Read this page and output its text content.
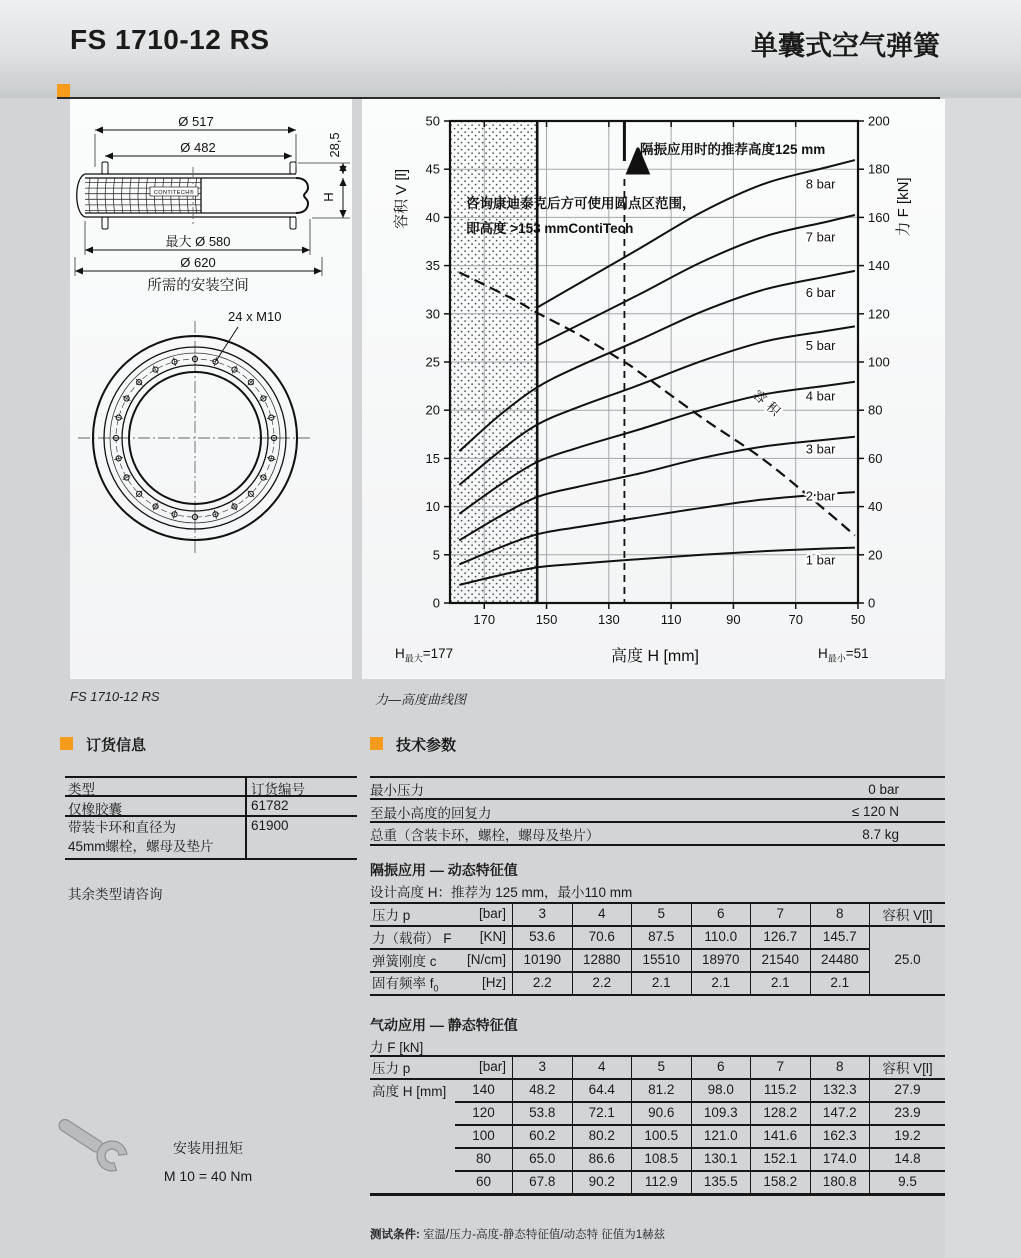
FS 1710-12 RS	单囊式空气弹簧
CONTITECH®
Ø 517
Ø 482	28,5
H
最大 Ø 580
Ø 620
所需的安装空间
24 x M10
容积
1 bar
2 bar
3 bar
4 bar
5 bar
6 bar
7 bar
8 bar
170	150	130	110	90	70	50
0
5
10
15
20
25
30
35
40
45
50
0
20
40
60
80
100
120
140
160
180
200
隔振应用时的推荐高度125 mm
咨询康迪泰克后方可使用圆点区范围，
即高度 >153 mmContiTech
容积 V [l]	力 F [kN]
$H_{最大}=177$	高度 H [mm]	$H_{最小}=51$
FS 1710-12 RS	力—高度曲线图
订货信息
类型	订货编号
仅橡胶囊	61782
带装卡环和直径为
45mm螺栓，螺母及垫片
61900
其余类型请咨询
技术参数
最小压力	0 bar
至最小高度的回复力	≤ 120 N
总重（含装卡环，螺栓，螺母及垫片）	8.7 kg
隔振应用 — 动态特征值
设计高度 H：推荐为 125 mm，最小110 mm
压力 p	[bar]	3	4	5	6	7	8	容积 V[l]
力（载荷） F [KN]	53.6	70.6	87.5	110.0	126.7	145.7
弹簧刚度 c [N/cm]	10190	12880	15510	18970	21540	24480
固有频率 $f_0$	[Hz]	2.2	2.2	2.1	2.1	2.1	2.1
25.0
气动应用 — 静态特征值
力 F [kN]
压力 p	[bar]	3	4	5	6	7	8	容积 V[l]
高度 H [mm]	140	48.2	64.4	81.2	98.0	115.2	132.3	27.9
120	53.8	72.1	90.6	109.3	128.2	147.2	23.9
100	60.2	80.2	100.5	121.0	141.6	162.3	19.2
80	65.0	86.6	108.5	130.1	152.1	174.0	14.8
60	67.8	90.2	112.9	135.5	158.2	180.8	9.5
安装用扭矩
M 10 = 40 Nm
测试条件: 室温/压力-高度-静态特征值/动态特 征值为1赫兹
